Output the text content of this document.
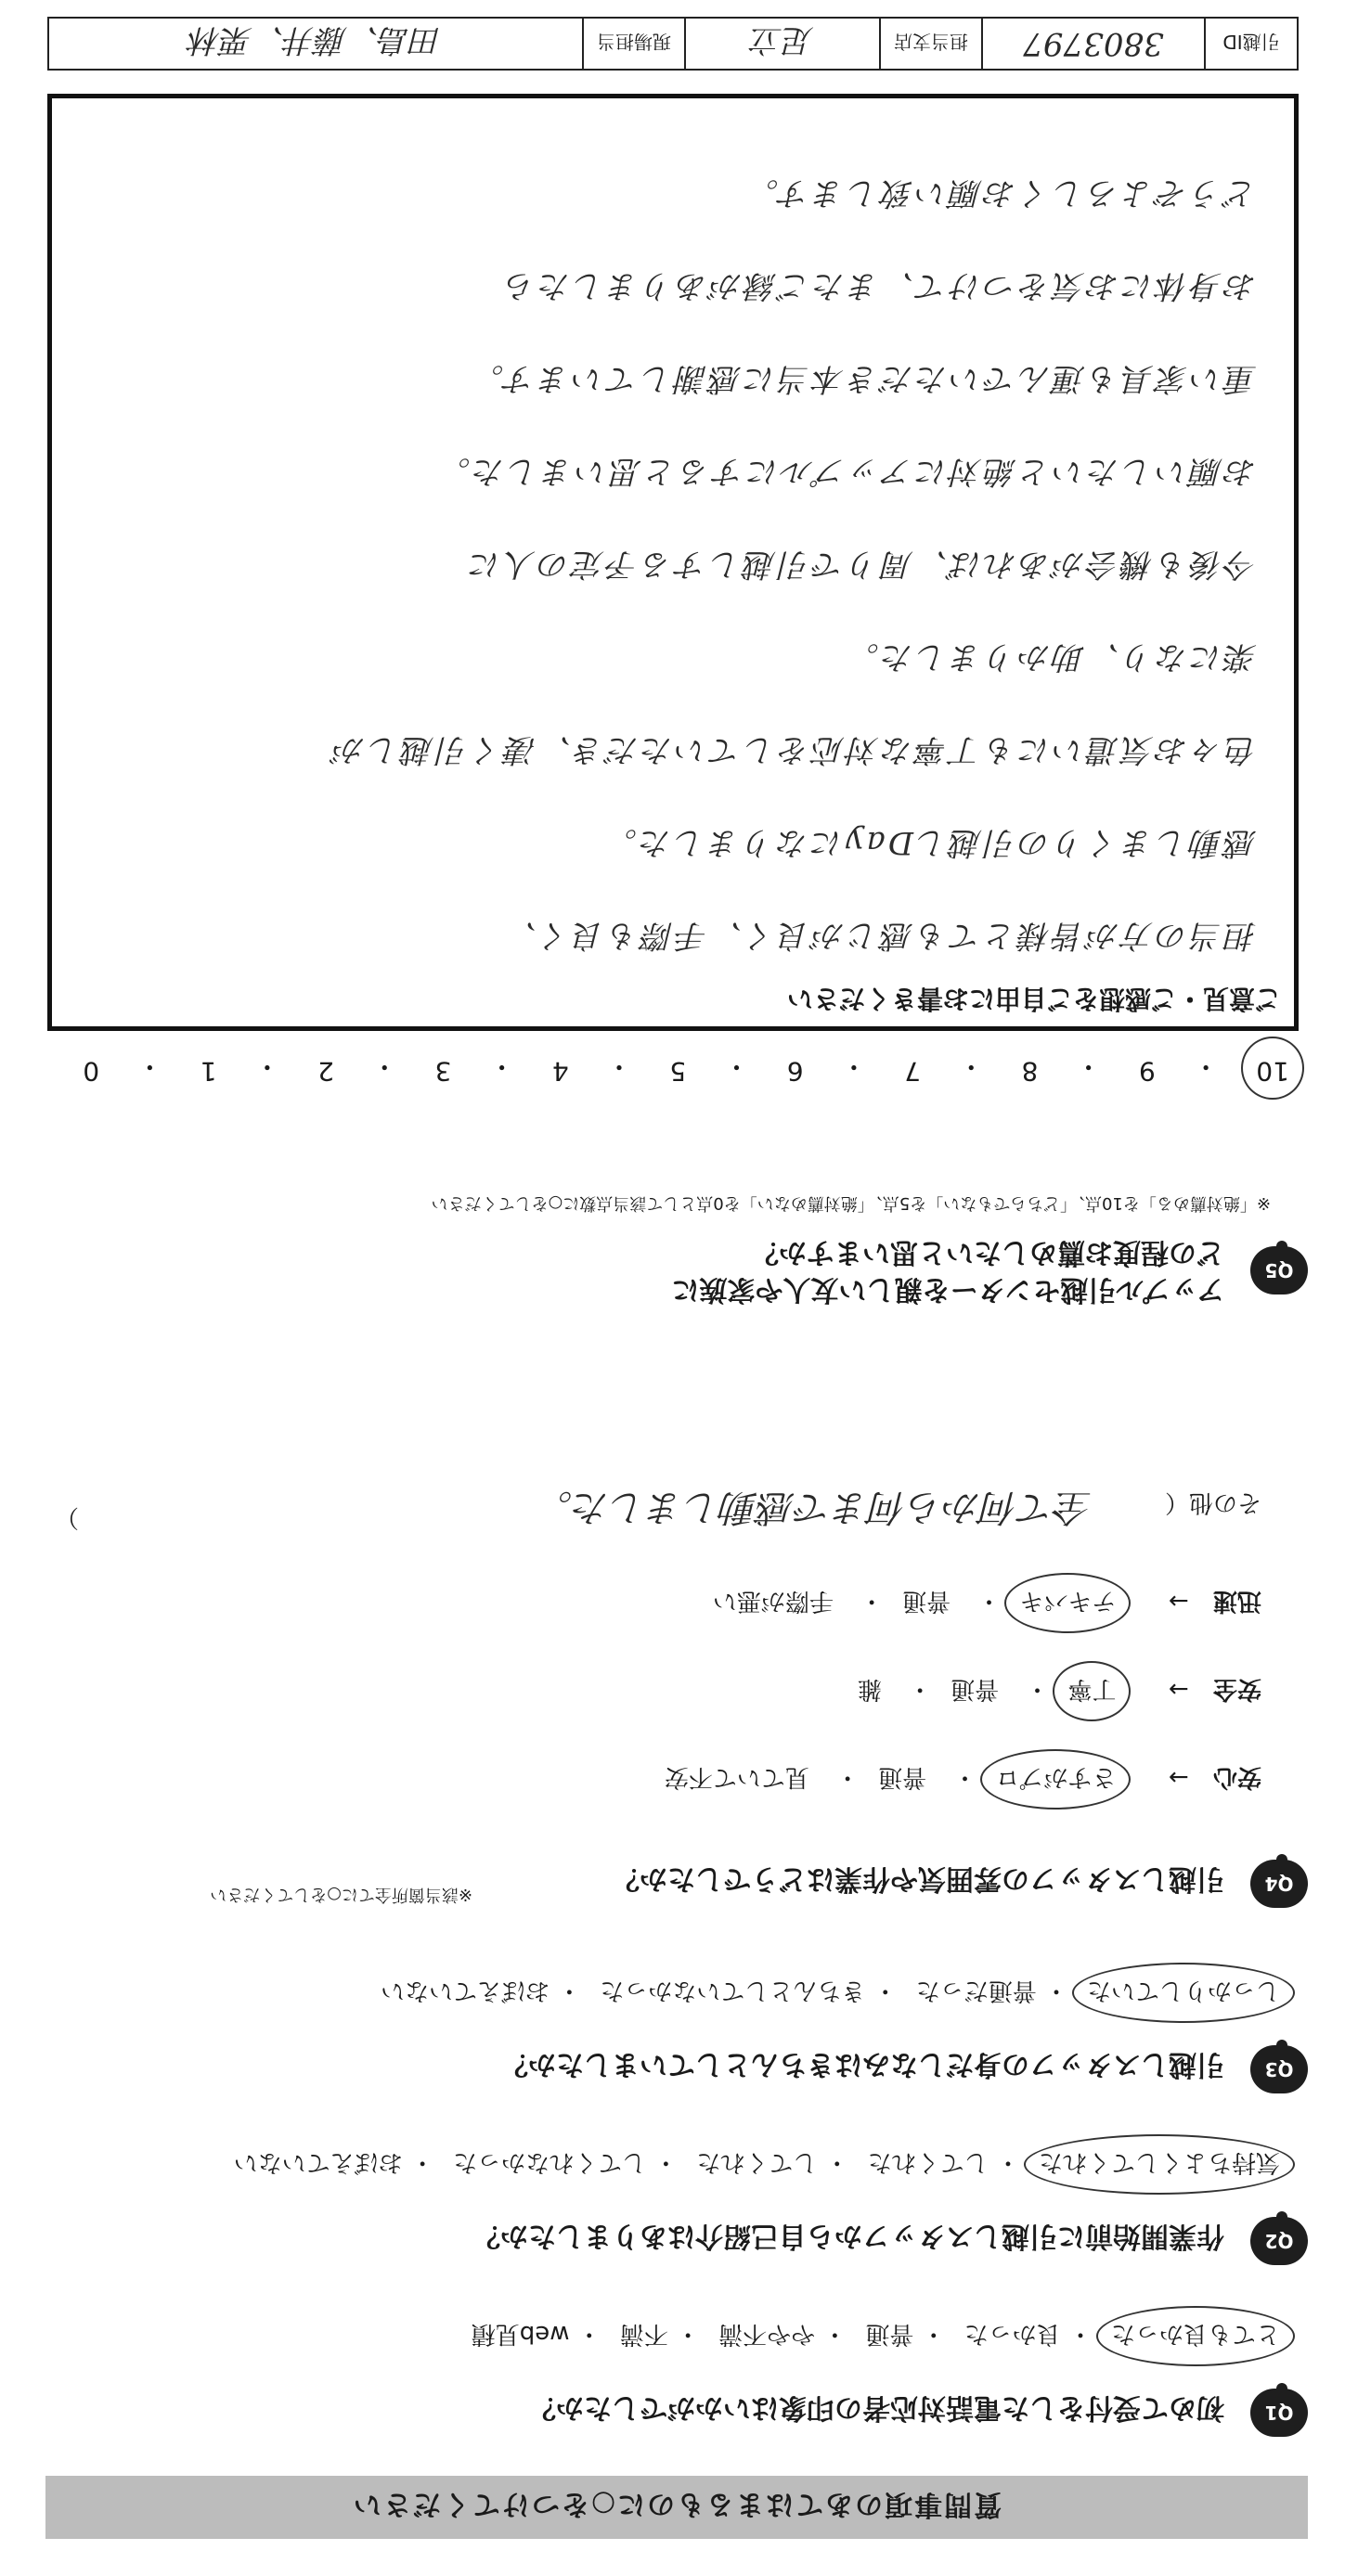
質問事項のあてはまるものに○をつけてください
Q1
初めて受付をした電話対応者の印象はいかがでしたか？
とても良かった・ 良かった・ 普通・ やや不満・ 不満・ web見積
Q2
作業開始前に引越しスタッフから自己紹介はありましたか？
気持ちよくしてくれた・ してくれた・ してくれた・ してくれなかった・ おぼえていない
Q3
引越しスタッフの身だしなみはきちんとしていましたか？
しっかりしていた・ 普通だった・ きちんとしていなかった・ おぼえていない
Q4
引越しスタッフの雰囲気や作業はどうでしたか？
※該当箇所全てに○をしてください
安心 → さすがプロ・ 普通・ 見ていて不安
安全 → 丁寧・ 普通・ 雑
迅速 → テキパキ・ 普通・ 手際が悪い
その他（ 全て何から何まで感動しました。
）
Q5
アップル引越センターを親しい友人や家族に
どの程度お薦めしたいと思いますか？
※「絶対薦める」を10点、「どちらでもない」を5点、「絶対薦めない」を0点として該当点数に○をしてください
10
・
9
・
8
・
7
・
6
・
5
・
4
・
3
・
2
・
1
・
0
ご意見・ご感想をご自由にお書きください
担当の方が皆様とても感じが良く、手際も良く、
感動しまくりの引越しDayになりました。
色々お気遣いにも丁寧な対応をしていただき、凄く引越しが
楽になり、助かりました。
今後も機会があれば、周りで引越しする予定の人に
お願いしたいと絶対にアップルにすると思いました。
重い家具も運んでいただき本当に感謝しています。
お身体にお気をつけて、またご縁がありましたら
どうぞよろしくお願い致します。
引越ID
3803797
担当支店
足立
現場担当
田島、藤井、栗林
